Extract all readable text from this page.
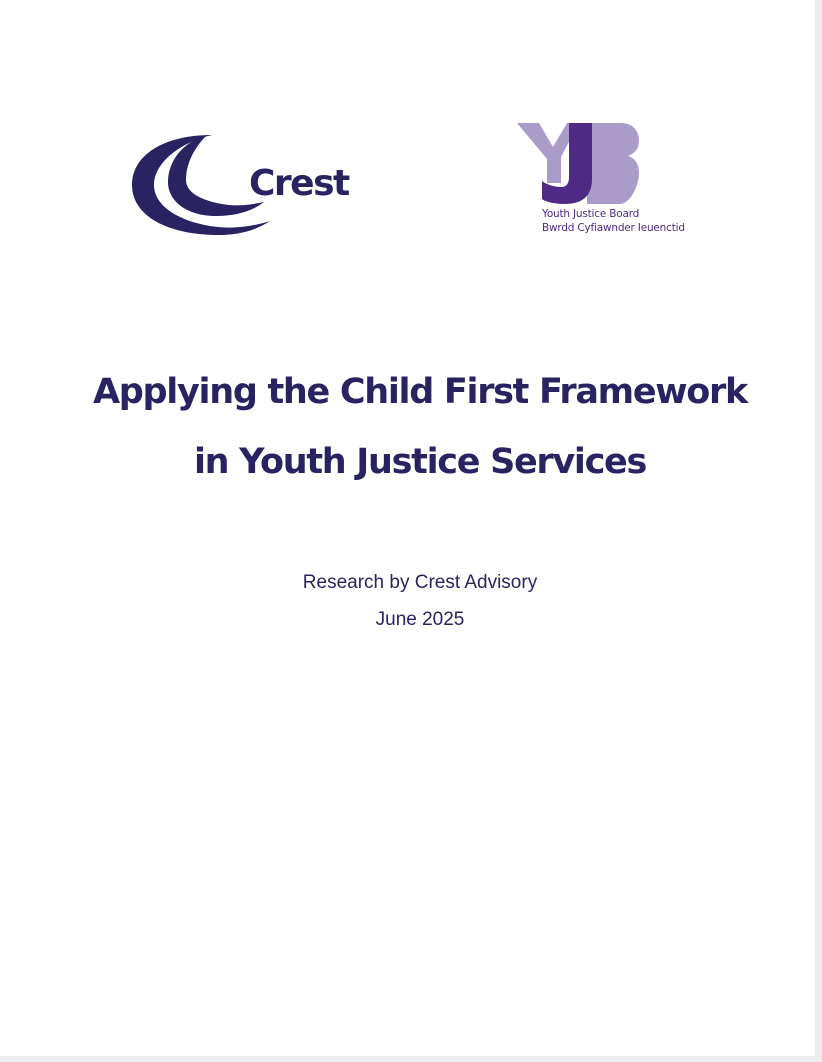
Crest
Youth Justice Board
Bwrdd Cyfiawnder Ieuenctid
Applying the Child First Framework
in Youth Justice Services
Research by Crest Advisory
June 2025
